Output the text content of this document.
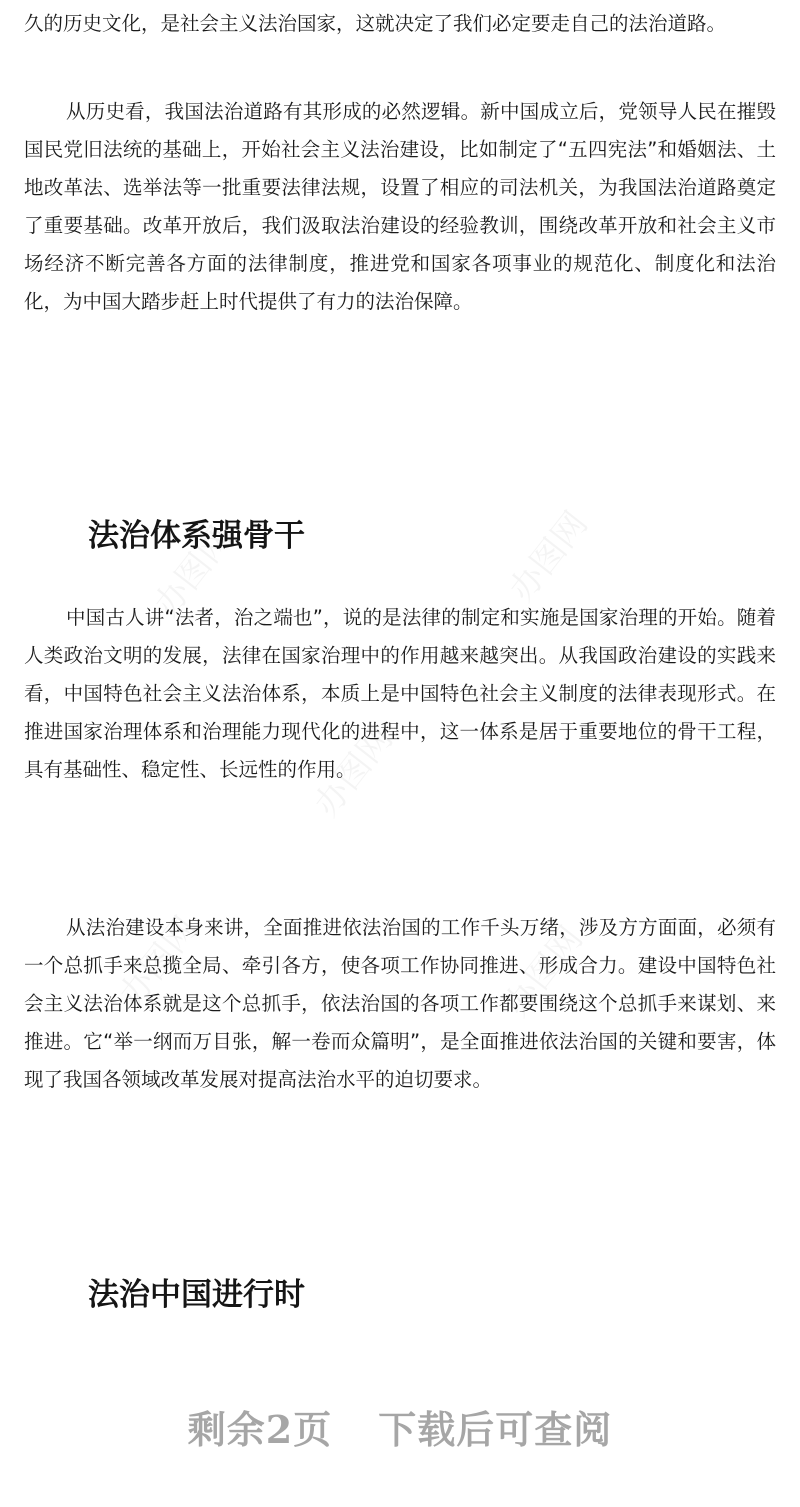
久的历史文化，是社会主义法治国家，这就决定了我们必定要走自己的法治道路。
从历史看，我国法治道路有其形成的必然逻辑。新中国成立后，党领导人民在摧毁国民党旧法统的基础上，开始社会主义法治建设，比如制定了“五四宪法”和婚姻法、土地改革法、选举法等一批重要法律法规，设置了相应的司法机关，为我国法治道路奠定了重要基础。改革开放后，我们汲取法治建设的经验教训，围绕改革开放和社会主义市场经济不断完善各方面的法律制度，推进党和国家各项事业的规范化、制度化和法治化，为中国大踏步赶上时代提供了有力的法治保障。
法治体系强骨干
中国古人讲“法者，治之端也”，说的是法律的制定和实施是国家治理的开始。随着人类政治文明的发展，法律在国家治理中的作用越来越突出。从我国政治建设的实践来看，中国特色社会主义法治体系，本质上是中国特色社会主义制度的法律表现形式。在推进国家治理体系和治理能力现代化的进程中，这一体系是居于重要地位的骨干工程，具有基础性、稳定性、长远性的作用。
从法治建设本身来讲，全面推进依法治国的工作千头万绪，涉及方方面面，必须有一个总抓手来总揽全局、牵引各方，使各项工作协同推进、形成合力。建设中国特色社会主义法治体系就是这个总抓手，依法治国的各项工作都要围绕这个总抓手来谋划、来推进。它“举一纲而万目张，解一卷而众篇明”，是全面推进依法治国的关键和要害，体现了我国各领域改革发展对提高法治水平的迫切要求。
法治中国进行时
剩余2页 下载后可查阅
